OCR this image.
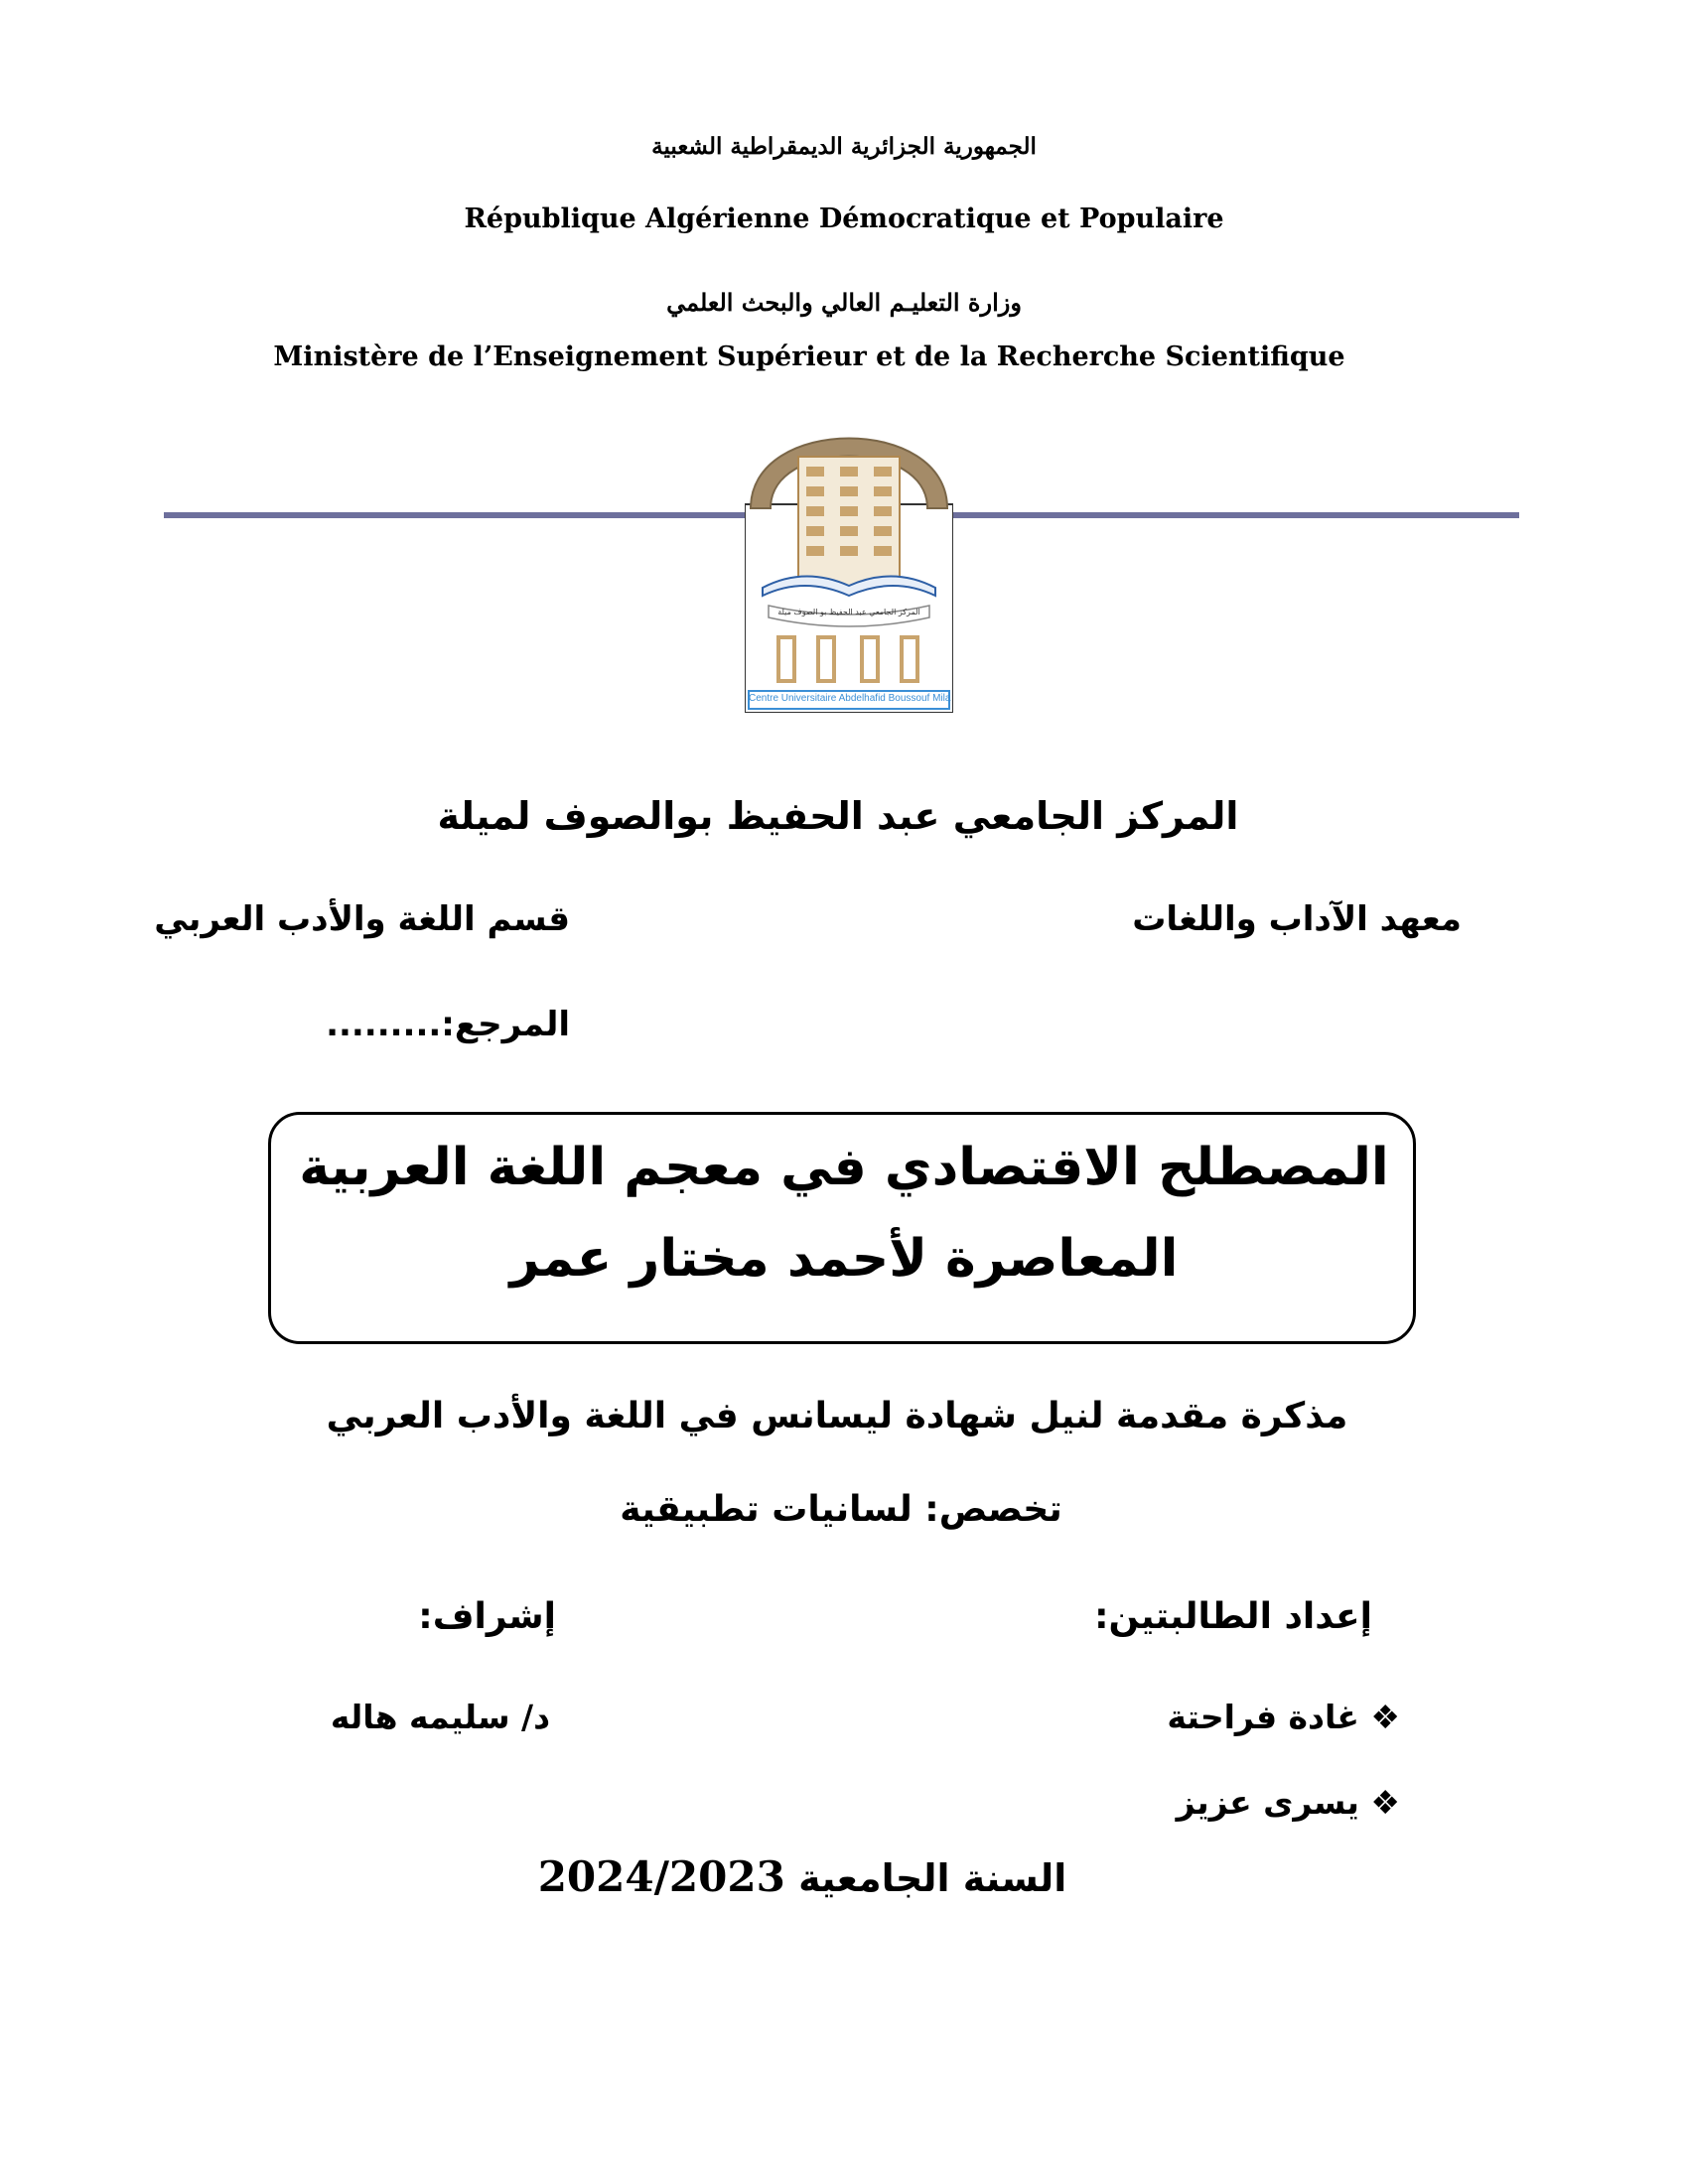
الجمهورية الجزائرية الديمقراطية الشعبية
République Algérienne Démocratique et Populaire
وزارة التعليـم العالي والبحث العلمي
Ministère de l’Enseignement Supérieur et de la Recherche Scientifique
المركز الجامعي عبد الحفيظ بو الصوف ميلة
Centre Universitaire Abdelhafid Boussouf Mila
المركز الجامعي عبد الحفيظ بوالصوف لميلة
معهد الآداب واللغات
قسم اللغة والأدب العربي
المرجع:.........
المصطلح الاقتصادي في معجم اللغة العربية
المعاصرة لأحمد مختار عمر
مذكرة مقدمة لنيل شهادة ليسانس في اللغة والأدب العربي
تخصص: لسانيات تطبيقية
إعداد الطالبتين:
إشراف:
❖ غادة فراحتة
❖ يسرى عزيز
د/ سليمه هاله
السنة الجامعية 2024/2023
